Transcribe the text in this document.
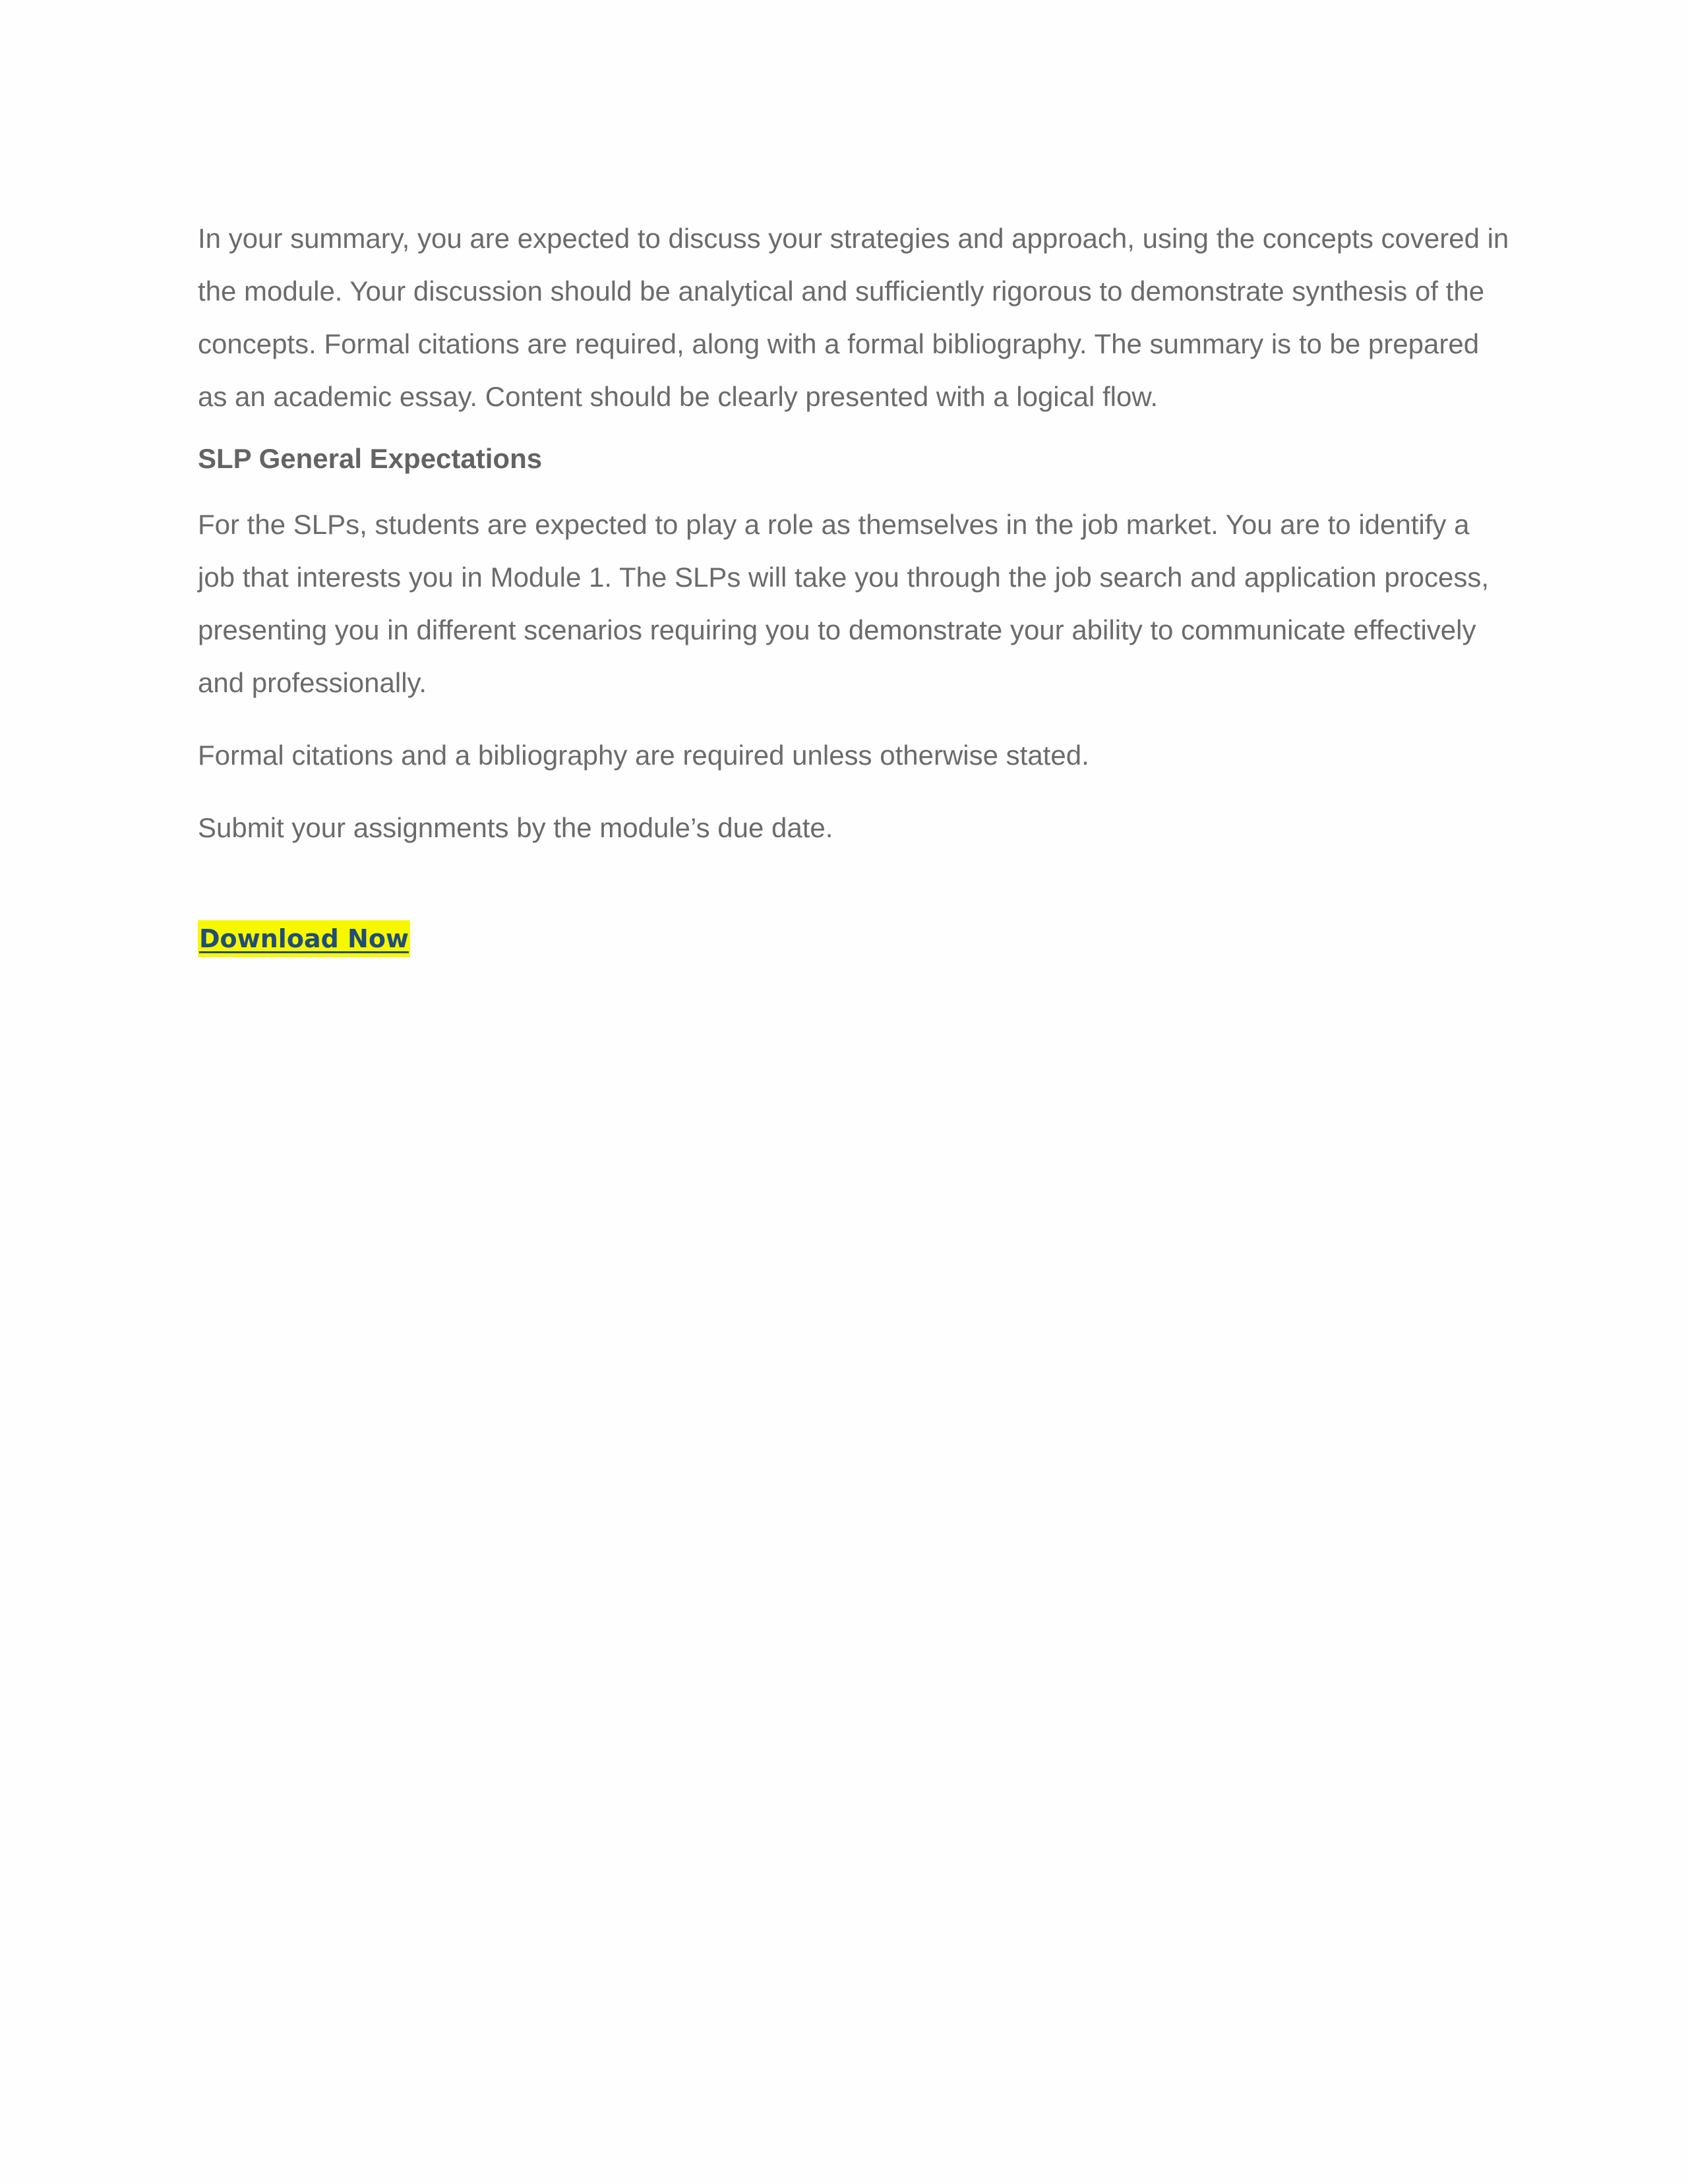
In your summary, you are expected to discuss your strategies and approach, using the concepts covered in the module. Your discussion should be analytical and sufficiently rigorous to demonstrate synthesis of the concepts. Formal citations are required, along with a formal bibliography. The summary is to be prepared as an academic essay. Content should be clearly presented with a logical flow.

SLP General Expectations

For the SLPs, students are expected to play a role as themselves in the job market. You are to identify a job that interests you in Module 1. The SLPs will take you through the job search and application process, presenting you in different scenarios requiring you to demonstrate your ability to communicate effectively and professionally.

Formal citations and a bibliography are required unless otherwise stated.

Submit your assignments by the module’s due date.

Download Now
